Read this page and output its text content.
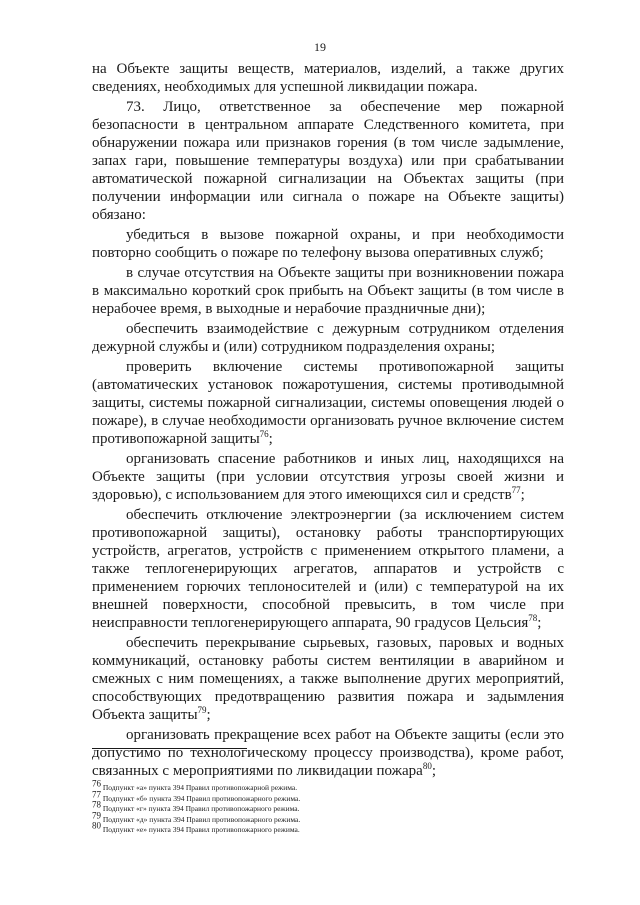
19

на Объекте защиты веществ, материалов, изделий, а также других сведениях, необходимых для успешной ликвидации пожара.

73. Лицо, ответственное за обеспечение мер пожарной безопасности в центральном аппарате Следственного комитета, при обнаружении пожара или признаков горения (в том числе задымление, запах гари, повышение температуры воздуха) или при срабатывании автоматической пожарной сигнализации на Объектах защиты (при получении информации или сигнала о пожаре на Объекте защиты) обязано:

убедиться в вызове пожарной охраны, и при необходимости повторно сообщить о пожаре по телефону вызова оперативных служб;

в случае отсутствия на Объекте защиты при возникновении пожара в максимально короткий срок прибыть на Объект защиты (в том числе в нерабочее время, в выходные и нерабочие праздничные дни);

обеспечить взаимодействие с дежурным сотрудником отделения дежурной службы и (или) сотрудником подразделения охраны;

проверить включение системы противопожарной защиты (автоматических установок пожаротушения, системы противодымной защиты, системы пожарной сигнализации, системы оповещения людей о пожаре), в случае необходимости организовать ручное включение систем противопожарной защиты$^{76}$;

организовать спасение работников и иных лиц, находящихся на Объекте защиты (при условии отсутствия угрозы своей жизни и здоровью), с использованием для этого имеющихся сил и средств$^{77}$;

обеспечить отключение электроэнергии (за исключением систем противопожарной защиты), остановку работы транспортирующих устройств, агрегатов, устройств с применением открытого пламени, а также теплогенерирующих агрегатов, аппаратов и устройств с применением горючих теплоносителей и (или) с температурой на их внешней поверхности, способной превысить, в том числе при неисправности теплогенерирующего аппарата, 90 градусов Цельсия$^{78}$;

обеспечить перекрывание сырьевых, газовых, паровых и водных коммуникаций, остановку работы систем вентиляции в аварийном и смежных с ним помещениях, а также выполнение других мероприятий, способствующих предотвращению развития пожара и задымления Объекта защиты$^{79}$;

организовать прекращение всех работ на Объекте защиты (если это допустимо по технологическому процессу производства), кроме работ, связанных с мероприятиями по ликвидации пожара$^{80}$;

$^{76}$ Подпункт «а» пункта 394 Правил противопожарной режима.
$^{77}$ Подпункт «б» пункта 394 Правил противопожарного режима.
$^{78}$ Подпункт «г» пункта 394 Правил противопожарного режима.
$^{79}$ Подпункт «д» пункта 394 Правил противопожарного режима.
$^{80}$ Подпункт «е» пункта 394 Правил противопожарного режима.
